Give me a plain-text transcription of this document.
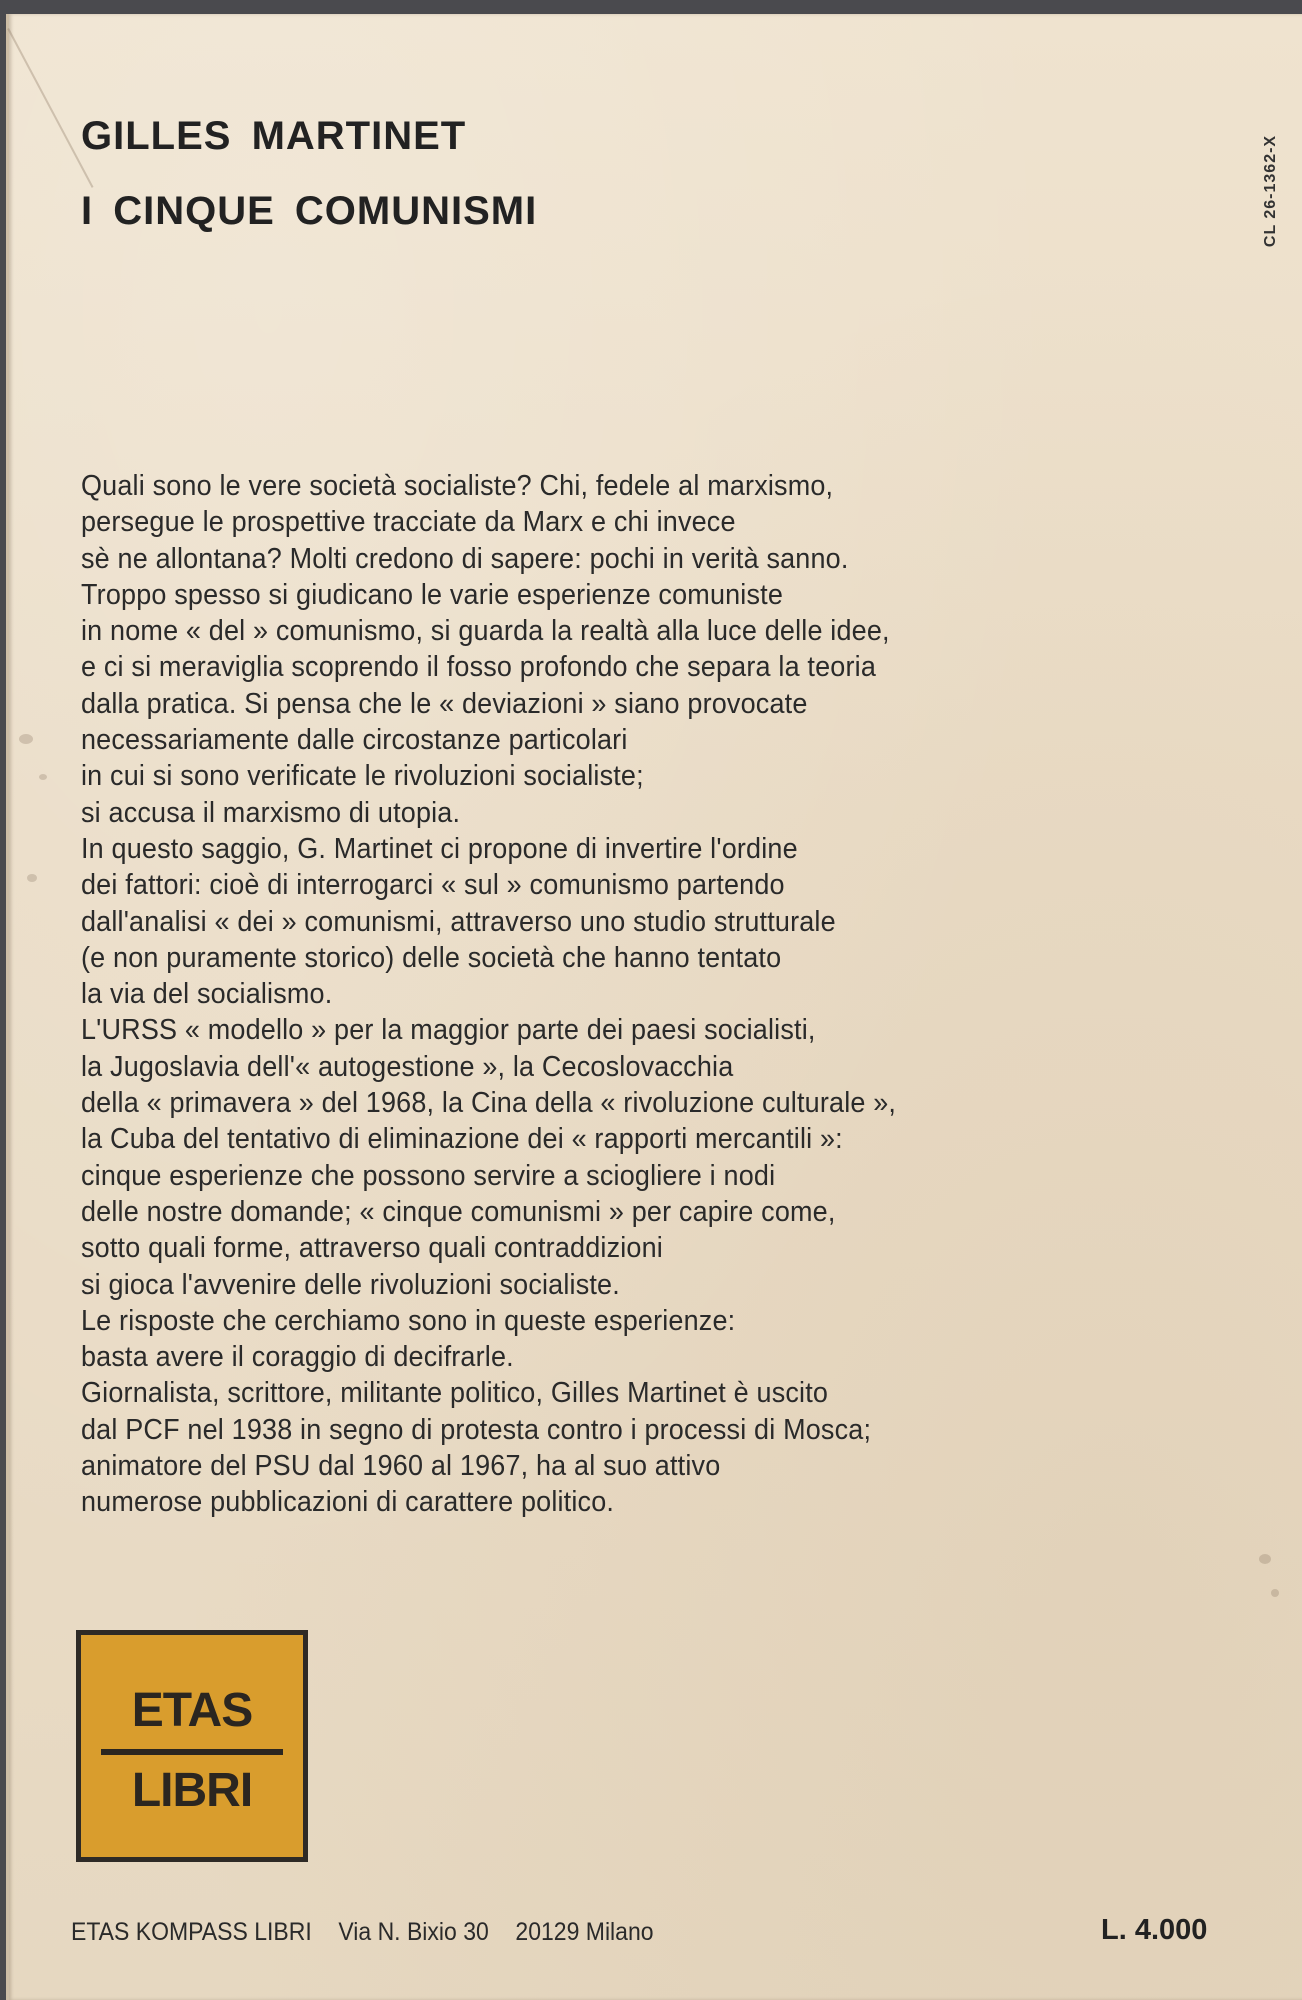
GILLES MARTINET
I CINQUE COMUNISMI	CL 26-1362-X
Quali sono le vere società socialiste? Chi, fedele al marxismo,
persegue le prospettive tracciate da Marx e chi invece
sè ne allontana? Molti credono di sapere: pochi in verità sanno.
Troppo spesso si giudicano le varie esperienze comuniste
in nome « del » comunismo, si guarda la realtà alla luce delle idee,
e ci si meraviglia scoprendo il fosso profondo che separa la teoria
dalla pratica. Si pensa che le « deviazioni » siano provocate
necessariamente dalle circostanze particolari
in cui si sono verificate le rivoluzioni socialiste;
si accusa il marxismo di utopia.
In questo saggio, G. Martinet ci propone di invertire l'ordine
dei fattori: cioè di interrogarci « sul » comunismo partendo
dall'analisi « dei » comunismi, attraverso uno studio strutturale
(e non puramente storico) delle società che hanno tentato
la via del socialismo.
L'URSS « modello » per la maggior parte dei paesi socialisti,
la Jugoslavia dell'« autogestione », la Cecoslovacchia
della « primavera » del 1968, la Cina della « rivoluzione culturale »,
la Cuba del tentativo di eliminazione dei « rapporti mercantili »:
cinque esperienze che possono servire a sciogliere i nodi
delle nostre domande; « cinque comunismi » per capire come,
sotto quali forme, attraverso quali contraddizioni
si gioca l'avvenire delle rivoluzioni socialiste.
Le risposte che cerchiamo sono in queste esperienze:
basta avere il coraggio di decifrarle.
Giornalista, scrittore, militante politico, Gilles Martinet è uscito
dal PCF nel 1938 in segno di protesta contro i processi di Mosca;
animatore del PSU dal 1960 al 1967, ha al suo attivo
numerose pubblicazioni di carattere politico.
ETAS
LIBRI
ETAS KOMPASS LIBRI Via N. Bixio 30 20129 Milano	L. 4.000
